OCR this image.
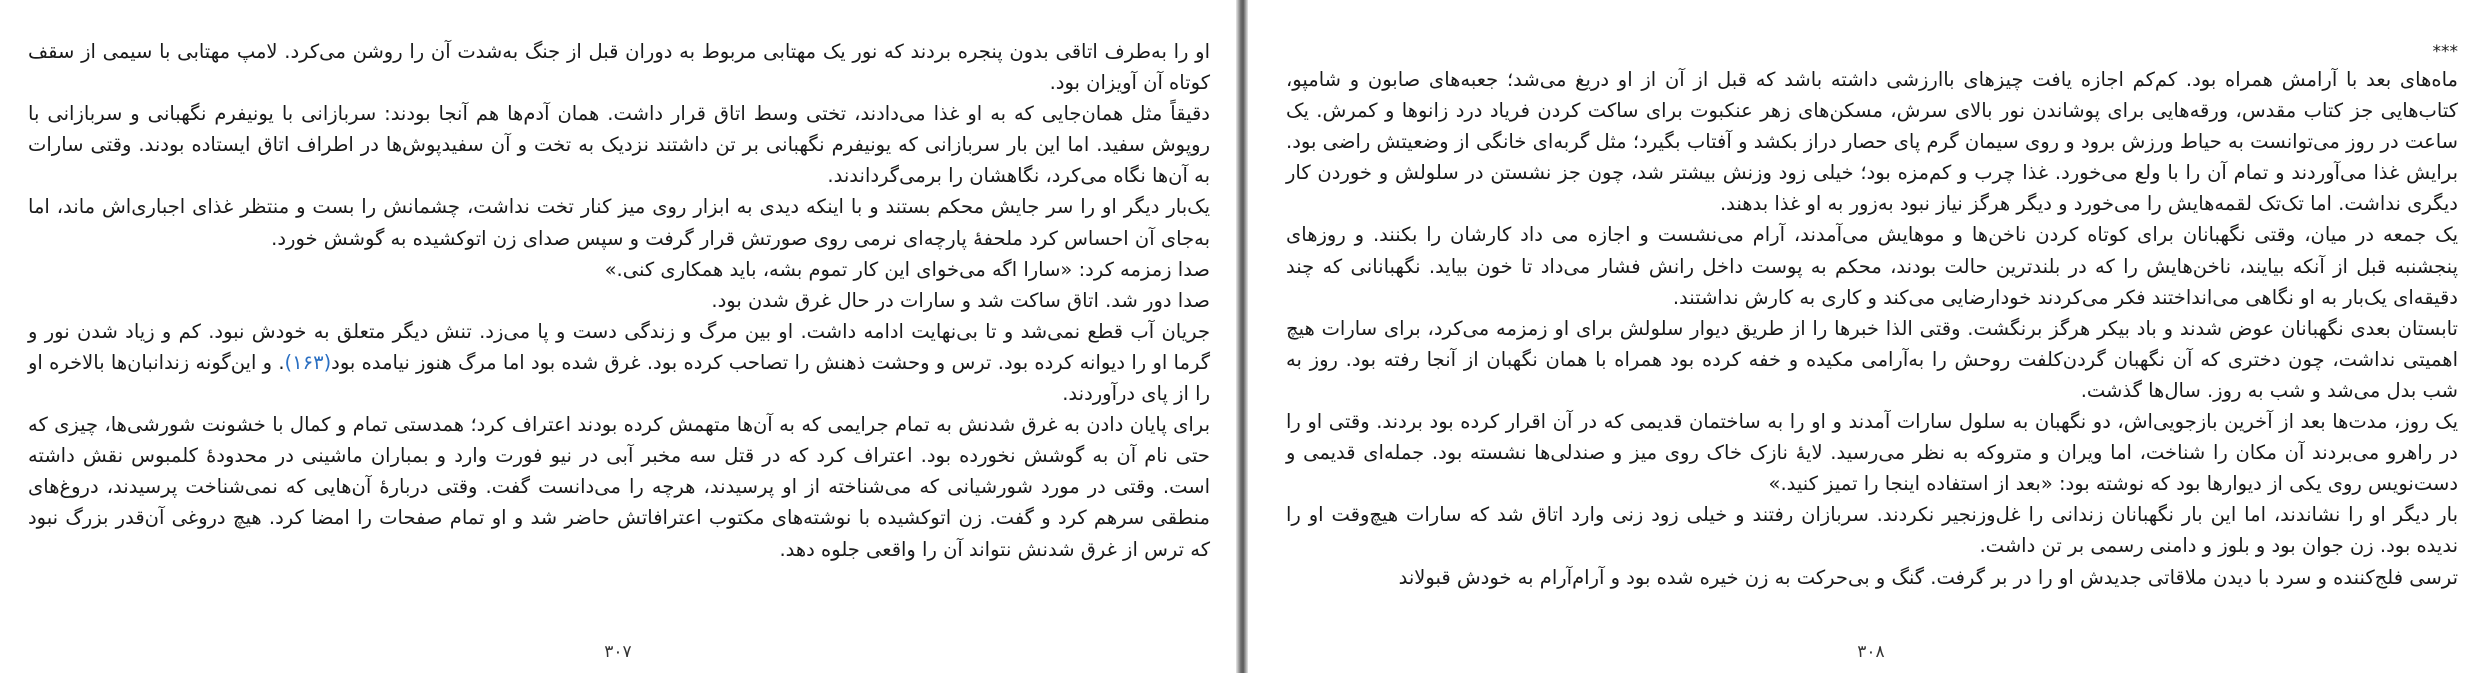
او را به‌طرف اتاقی بدون پنجره بردند که نور یک مهتابی مربوط به دوران قبل از جنگ به‌شدت آن را روشن می‌کرد. لامپ مهتابی با سیمی از سقف کوتاه آن آویزان بود.

دقیقاً مثل همان‌جایی که به او غذا می‌دادند، تختی وسط اتاق قرار داشت. همان آدم‌ها هم آنجا بودند: سربازانی با یونیفرم نگهبانی و سربازانی با روپوش سفید. اما این بار سربازانی که یونیفرم نگهبانی بر تن داشتند نزدیک به تخت و آن سفیدپوش‌ها در اطراف اتاق ایستاده بودند. وقتی سارات به آن‌ها نگاه می‌کرد، نگاهشان را برمی‌گرداندند.

یک‌بار دیگر او را سر جایش محکم بستند و با اینکه دیدی به ابزار روی میز کنار تخت نداشت، چشمانش را بست و منتظر غذای اجباری‌اش ماند، اما به‌جای آن احساس کرد ملحفهٔ پارچه‌ای نرمی روی صورتش قرار گرفت و سپس صدای زن اتوکشیده به گوشش خورد.

صدا زمزمه کرد: «سارا اگه می‌خوای این کار تموم بشه، باید همکاری کنی.»

صدا دور شد. اتاق ساکت شد و سارات در حال غرق شدن بود.

جریان آب قطع نمی‌شد و تا بی‌نهایت ادامه داشت. او بین مرگ و زندگی دست و پا می‌زد. تنش دیگر متعلق به خودش نبود. کم و زیاد شدن نور و گرما او را دیوانه کرده بود. ترس و وحشت ذهنش را تصاحب کرده بود. غرق شده بود اما مرگ هنوز نیامده بود(۱۶۳). و این‌گونه زندانبان‌ها بالاخره او را از پای درآوردند.

برای پایان دادن به غرق شدنش به تمام جرایمی که به آن‌ها متهمش کرده بودند اعتراف کرد؛ همدستی تمام و کمال با خشونت شورشی‌ها، چیزی که حتی نام آن به گوشش نخورده بود. اعتراف کرد که در قتل سه مخبر آبی در نیو فورت وارد و بمباران ماشینی در محدودهٔ کلمبوس نقش داشته است. وقتی در مورد شورشیانی که می‌شناخته از او پرسیدند، هرچه را می‌دانست گفت. وقتی دربارهٔ آن‌هایی که نمی‌شناخت پرسیدند، دروغ‌های منطقی سرهم کرد و گفت. زن اتوکشیده با نوشته‌های مکتوب اعترافاتش حاضر شد و او تمام صفحات را امضا کرد. هیچ دروغی آن‌قدر بزرگ نبود که ترس از غرق شدنش نتواند آن را واقعی جلوه دهد.

۳۰۷

***

ماه‌های بعد با آرامش همراه بود. کم‌کم اجازه یافت چیزهای باارزشی داشته باشد که قبل از آن از او دریغ می‌شد؛ جعبه‌های صابون و شامپو، کتاب‌هایی جز کتاب مقدس، ورقه‌هایی برای پوشاندن نور بالای سرش، مسکن‌های زهر عنکبوت برای ساکت کردن فریاد درد زانوها و کمرش. یک ساعت در روز می‌توانست به حیاط ورزش برود و روی سیمان گرم پای حصار دراز بکشد و آفتاب بگیرد؛ مثل گربه‌ای خانگی از وضعیتش راضی بود. برایش غذا می‌آوردند و تمام آن را با ولع می‌خورد. غذا چرب و کم‌مزه بود؛ خیلی زود وزنش بیشتر شد، چون جز نشستن در سلولش و خوردن کار دیگری نداشت. اما تک‌تک لقمه‌هایش را می‌خورد و دیگر هرگز نیاز نبود به‌زور به او غذا بدهند.

یک جمعه در میان، وقتی نگهبانان برای کوتاه کردن ناخن‌ها و موهایش می‌آمدند، آرام می‌نشست و اجازه می داد کارشان را بکنند. و روزهای پنجشنبه قبل از آنکه بیایند، ناخن‌هایش را که در بلندترین حالت بودند، محکم به پوست داخل رانش فشار می‌داد تا خون بیاید. نگهبانانی که چند دقیقه‌ای یک‌بار به او نگاهی می‌انداختند فکر می‌کردند خودارضایی می‌کند و کاری به کارش نداشتند.

تابستان بعدی نگهبانان عوض شدند و باد بیکر هرگز برنگشت. وقتی الذا خبرها را از طریق دیوار سلولش برای او زمزمه می‌کرد، برای سارات هیچ اهمیتی نداشت، چون دختری که آن نگهبان گردن‌کلفت روحش را به‌آرامی مکیده و خفه کرده بود همراه با همان نگهبان از آنجا رفته بود. روز به شب بدل می‌شد و شب به روز. سال‌ها گذشت.

یک روز، مدت‌ها بعد از آخرین بازجویی‌اش، دو نگهبان به سلول سارات آمدند و او را به ساختمان قدیمی که در آن اقرار کرده بود بردند. وقتی او را در راهرو می‌بردند آن مکان را شناخت، اما ویران و متروکه به نظر می‌رسید. لایهٔ نازک خاک روی میز و صندلی‌ها نشسته بود. جمله‌ای قدیمی و دست‌نویس روی یکی از دیوارها بود که نوشته بود: «بعد از استفاده اینجا را تمیز کنید.»

بار دیگر او را نشاندند، اما این بار نگهبانان زندانی را غل‌وزنجیر نکردند. سربازان رفتند و خیلی زود زنی وارد اتاق شد که سارات هیچ‌وقت او را ندیده بود. زن جوان بود و بلوز و دامنی رسمی بر تن داشت.

ترسی فلج‌کننده و سرد با دیدن ملاقاتی جدیدش او را در بر گرفت. گنگ و بی‌حرکت به زن خیره شده بود و آرام‌آرام به خودش قبولاند

۳۰۸
